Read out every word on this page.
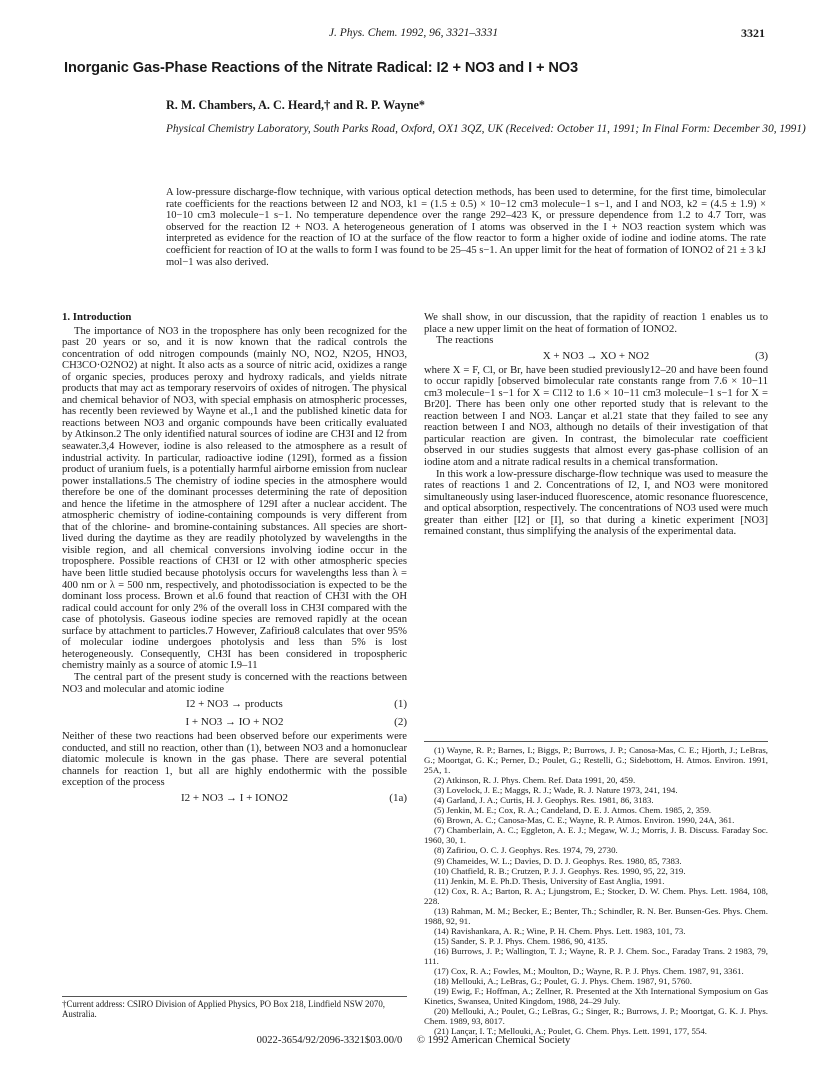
J. Phys. Chem. 1992, 96, 3321–3331	3321
Inorganic Gas-Phase Reactions of the Nitrate Radical: I2 + NO3 and I + NO3
R. M. Chambers, A. C. Heard,† and R. P. Wayne*
Physical Chemistry Laboratory, South Parks Road, Oxford, OX1 3QZ, UK (Received: October 11, 1991; In Final Form: December 30, 1991)
A low-pressure discharge-flow technique, with various optical detection methods, has been used to determine, for the first time, bimolecular rate coefficients for the reactions between I2 and NO3, k1 = (1.5 ± 0.5) × 10−12 cm3 molecule−1 s−1, and I and NO3, k2 = (4.5 ± 1.9) × 10−10 cm3 molecule−1 s−1. No temperature dependence over the range 292–423 K, or pressure dependence from 1.2 to 4.7 Torr, was observed for the reaction I2 + NO3. A heterogeneous generation of I atoms was observed in the I + NO3 reaction system which was interpreted as evidence for the reaction of IO at the surface of the flow reactor to form a higher oxide of iodine and iodine atoms. The rate coefficient for reaction of IO at the walls to form I was found to be 25–45 s−1. An upper limit for the heat of formation of IONO2 of 21 ± 3 kJ mol−1 was also derived.
1. Introduction

The importance of NO3 in the troposphere has only been recognized for the past 20 years or so, and it is now known that the radical controls the concentration of odd nitrogen compounds (mainly NO, NO2, N2O5, HNO3, CH3CO·O2NO2) at night. It also acts as a source of nitric acid, oxidizes a range of organic species, produces peroxy and hydroxy radicals, and yields nitrate products that may act as temporary reservoirs of oxides of nitrogen. The physical and chemical behavior of NO3, with special emphasis on atmospheric processes, has recently been reviewed by Wayne et al.,1 and the published kinetic data for reactions between NO3 and organic compounds have been critically evaluated by Atkinson.2 The only identified natural sources of iodine are CH3I and I2 from seawater.3,4 However, iodine is also released to the atmosphere as a result of industrial activity. In particular, radioactive iodine (129I), formed as a fission product of uranium fuels, is a potentially harmful airborne emission from nuclear power installations.5 The chemistry of iodine species in the atmosphere would therefore be one of the dominant processes determining the rate of deposition and hence the lifetime in the atmosphere of 129I after a nuclear accident. The atmospheric chemistry of iodine-containing compounds is very different from that of the chlorine- and bromine-containing substances. All species are short-lived during the daytime as they are readily photolyzed by wavelengths in the visible region, and all chemical conversions involving iodine occur in the troposphere. Possible reactions of CH3I or I2 with other atmospheric species have been little studied because photolysis occurs for wavelengths less than λ = 400 nm or λ = 500 nm, respectively, and photodissociation is expected to be the dominant loss process. Brown et al.6 found that reaction of CH3I with the OH radical could account for only 2% of the overall loss in CH3I compared with the case of photolysis. Gaseous iodine species are removed rapidly at the ocean surface by attachment to particles.7 However, Zafiriou8 calculates that over 95% of molecular iodine undergoes photolysis and less than 5% is lost heterogeneously. Consequently, CH3I has been considered in tropospheric chemistry mainly as a source of atomic I.9–11

The central part of the present study is concerned with the reactions between NO3 and molecular and atomic iodine

I2 + NO3 → products	(1)
I + NO3 → IO + NO2	(2)

Neither of these two reactions had been observed before our experiments were conducted, and still no reaction, other than (1), between NO3 and a homonuclear diatomic molecule is known in the gas phase. There are several potential channels for reaction 1, but all are highly endothermic with the possible exception of the process

I2 + NO3 → I + IONO2	(1a)

We shall show, in our discussion, that the rapidity of reaction 1 enables us to place a new upper limit on the heat of formation of IONO2.

The reactions

X + NO3 → XO + NO2	(3)

where X = F, Cl, or Br, have been studied previously12–20 and have been found to occur rapidly [observed bimolecular rate constants range from 7.6 × 10−11 cm3 molecule−1 s−1 for X = Cl12 to 1.6 × 10−11 cm3 molecule−1 s−1 for X = Br20]. There has been only one other reported study that is relevant to the reaction between I and NO3. Lançar et al.21 state that they failed to see any reaction between I and NO3, although no details of their investigation of that particular reaction are given. In contrast, the bimolecular rate coefficient observed in our studies suggests that almost every gas-phase collision of an iodine atom and a nitrate radical results in a chemical transformation.

In this work a low-pressure discharge-flow technique was used to measure the rates of reactions 1 and 2. Concentrations of I2, I, and NO3 were monitored simultaneously using laser-induced fluorescence, atomic resonance fluorescence, and optical absorption, respectively. The concentrations of NO3 used were much greater than either [I2] or [I], so that during a kinetic experiment [NO3] remained constant, thus simplifying the analysis of the experimental data.

(1) Wayne, R. P.; Barnes, I.; Biggs, P.; Burrows, J. P.; Canosa-Mas, C. E.; Hjorth, J.; LeBras, G.; Moortgat, G. K.; Perner, D.; Poulet, G.; Restelli, G.; Sidebottom, H. Atmos. Environ. 1991, 25A, 1.
(2) Atkinson, R. J. Phys. Chem. Ref. Data 1991, 20, 459.
(3) Lovelock, J. E.; Maggs, R. J.; Wade, R. J. Nature 1973, 241, 194.
(4) Garland, J. A.; Curtis, H. J. Geophys. Res. 1981, 86, 3183.
(5) Jenkin, M. E.; Cox, R. A.; Candeland, D. E. J. Atmos. Chem. 1985, 2, 359.
(6) Brown, A. C.; Canosa-Mas, C. E.; Wayne, R. P. Atmos. Environ. 1990, 24A, 361.
(7) Chamberlain, A. C.; Eggleton, A. E. J.; Megaw, W. J.; Morris, J. B. Discuss. Faraday Soc. 1960, 30, 1.
(8) Zafiriou, O. C. J. Geophys. Res. 1974, 79, 2730.
(9) Chameides, W. L.; Davies, D. D. J. Geophys. Res. 1980, 85, 7383.
(10) Chatfield, R. B.; Crutzen, P. J. J. Geophys. Res. 1990, 95, 22, 319.
(11) Jenkin, M. E. Ph.D. Thesis, University of East Anglia, 1991.
(12) Cox, R. A.; Barton, R. A.; Ljungstrom, E.; Stocker, D. W. Chem. Phys. Lett. 1984, 108, 228.
(13) Rahman, M. M.; Becker, E.; Benter, Th.; Schindler, R. N. Ber. Bunsen-Ges. Phys. Chem. 1988, 92, 91.
(14) Ravishankara, A. R.; Wine, P. H. Chem. Phys. Lett. 1983, 101, 73.
(15) Sander, S. P. J. Phys. Chem. 1986, 90, 4135.
(16) Burrows, J. P.; Wallington, T. J.; Wayne, R. P. J. Chem. Soc., Faraday Trans. 2 1983, 79, 111.
(17) Cox, R. A.; Fowles, M.; Moulton, D.; Wayne, R. P. J. Phys. Chem. 1987, 91, 3361.
(18) Mellouki, A.; LeBras, G.; Poulet, G. J. Phys. Chem. 1987, 91, 5760.
(19) Ewig, F.; Hoffman, A.; Zellner, R. Presented at the Xth International Symposium on Gas Kinetics, Swansea, United Kingdom, 1988, 24–29 July.
(20) Mellouki, A.; Poulet, G.; LeBras, G.; Singer, R.; Burrows, J. P.; Moortgat, G. K. J. Phys. Chem. 1989, 93, 8017.
(21) Lançar, I. T.; Mellouki, A.; Poulet, G. Chem. Phys. Lett. 1991, 177, 554.
†Current address: CSIRO Division of Applied Physics, PO Box 218, Lindfield NSW 2070, Australia.
0022-3654/92/2096-3321$03.00/0 © 1992 American Chemical Society
